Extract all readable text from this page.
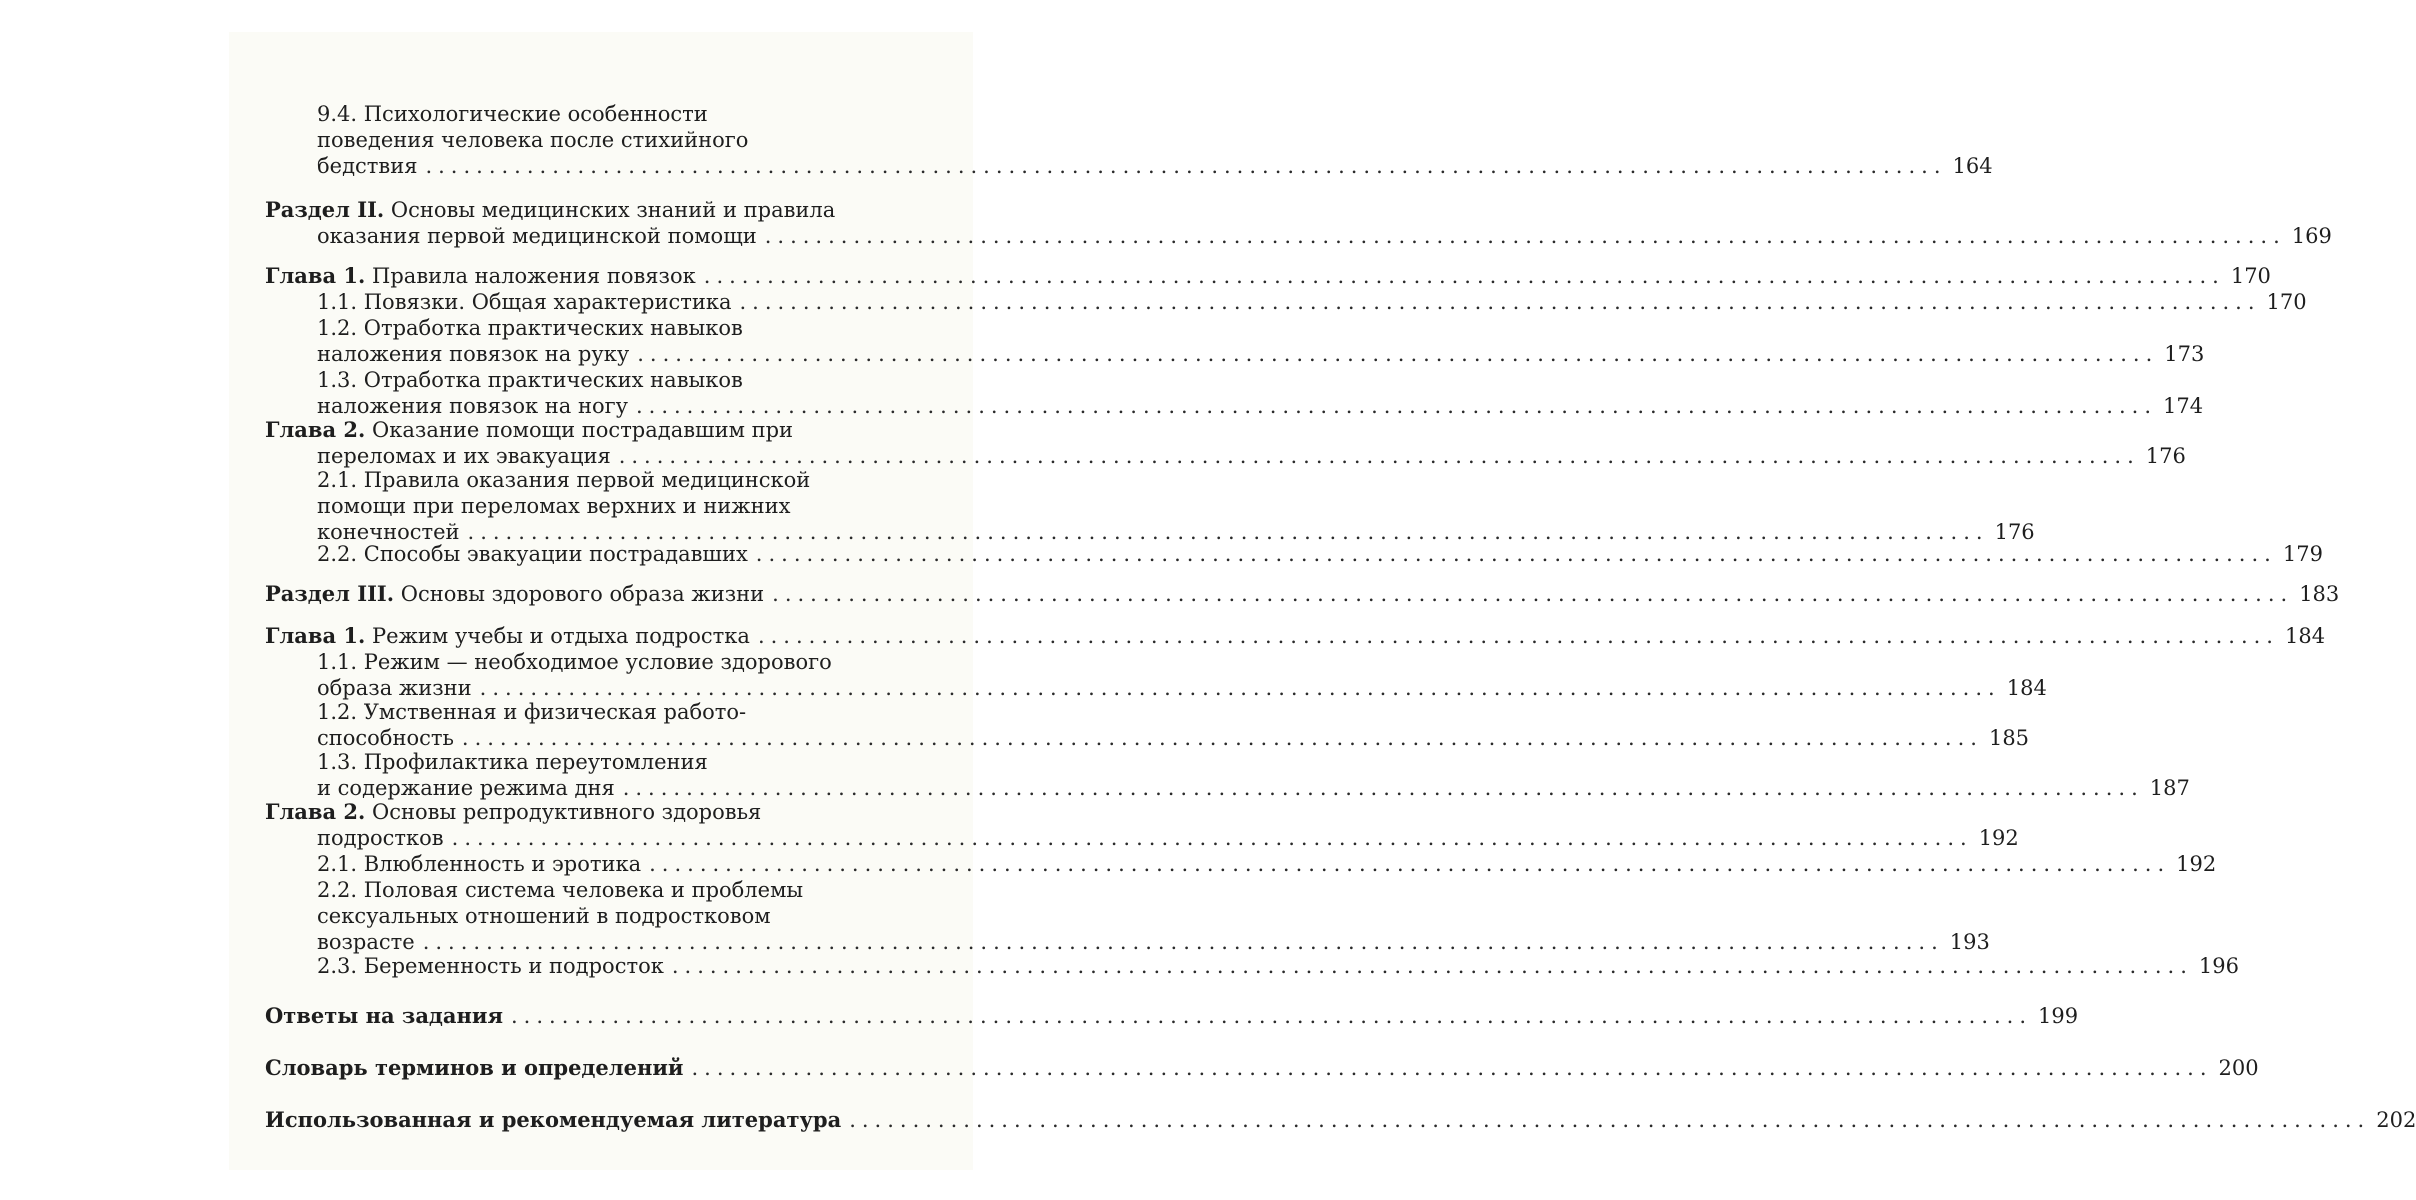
9.4. Психологические особенности
поведения человека после стихийного
бедствия ........................................................................................................................ 164
Раздел II. Основы медицинских знаний и правила
оказания первой медицинской помощи ........................................................................................................................ 169
Глава 1. Правила наложения повязок ........................................................................................................................ 170
1.1. Повязки. Общая характеристика ........................................................................................................................ 170
1.2. Отработка практических навыков
наложения повязок на руку ........................................................................................................................ 173
1.3. Отработка практических навыков
наложения повязок на ногу ........................................................................................................................ 174
Глава 2. Оказание помощи пострадавшим при
переломах и их эвакуация ........................................................................................................................ 176
2.1. Правила оказания первой медицинской
помощи при переломах верхних и нижних
конечностей ........................................................................................................................ 176
2.2. Способы эвакуации пострадавших ........................................................................................................................ 179
Раздел III. Основы здорового образа жизни ........................................................................................................................ 183
Глава 1. Режим учебы и отдыха подростка ........................................................................................................................ 184
1.1. Режим — необходимое условие здорового
образа жизни ........................................................................................................................ 184
1.2. Умственная и физическая работо-
способность ........................................................................................................................ 185
1.3. Профилактика переутомления
и содержание режима дня ........................................................................................................................ 187
Глава 2. Основы репродуктивного здоровья
подростков ........................................................................................................................ 192
2.1. Влюбленность и эротика ........................................................................................................................ 192
2.2. Половая система человека и проблемы
сексуальных отношений в подростковом
возрасте ........................................................................................................................ 193
2.3. Беременность и подросток ........................................................................................................................ 196
Ответы на задания ........................................................................................................................ 199
Словарь терминов и определений ........................................................................................................................ 200
Использованная и рекомендуемая литература ........................................................................................................................ 202
